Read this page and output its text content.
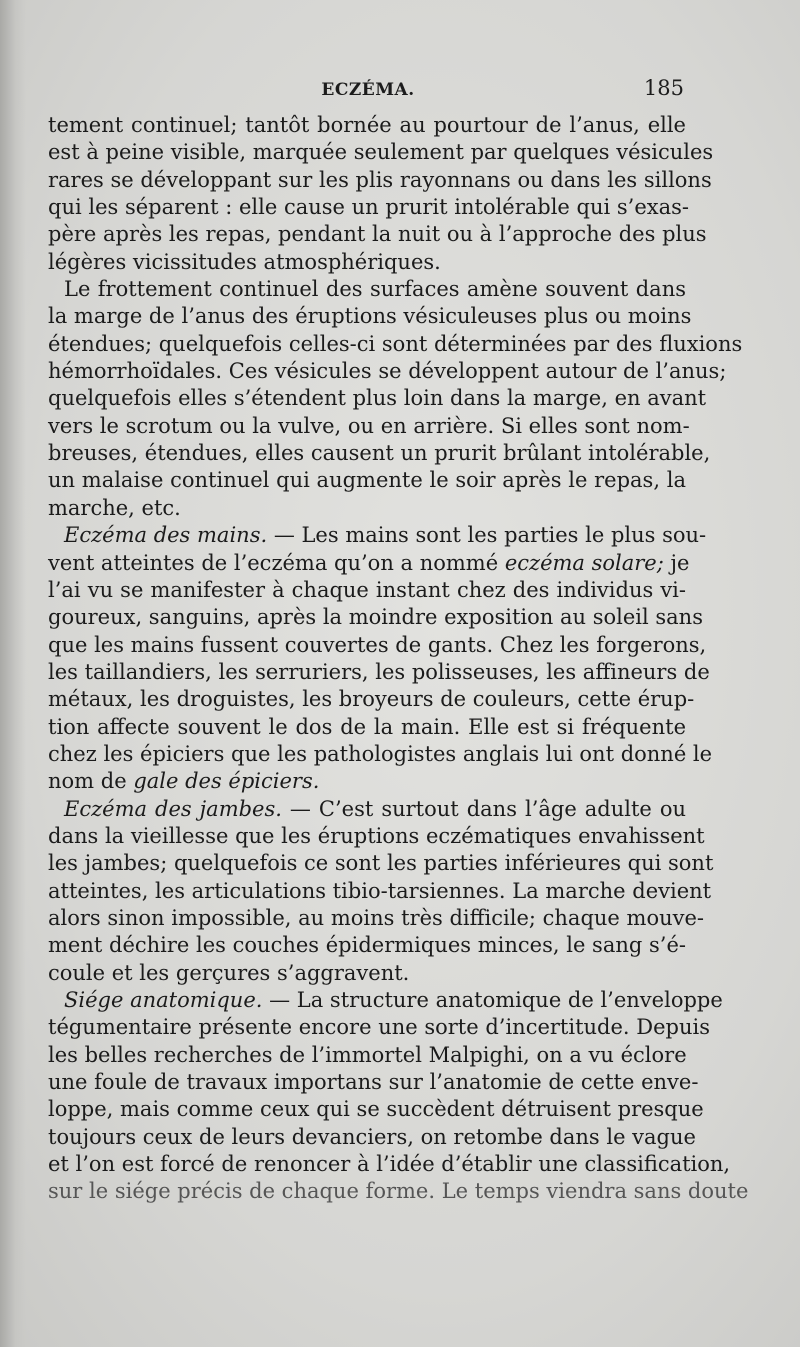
ECZÉMA.	185
tement continuel; tantôt bornée au pourtour de l’anus, elle
est à peine visible, marquée seulement par quelques vésicules
rares se développant sur les plis rayonnans ou dans les sillons
qui les séparent : elle cause un prurit intolérable qui s’exas-
père après les repas, pendant la nuit ou à l’approche des plus
légères vicissitudes atmosphériques.
Le frottement continuel des surfaces amène souvent dans
la marge de l’anus des éruptions vésiculeuses plus ou moins
étendues; quelquefois celles-ci sont déterminées par des fluxions
hémorrhoïdales. Ces vésicules se développent autour de l’anus;
quelquefois elles s’étendent plus loin dans la marge, en avant
vers le scrotum ou la vulve, ou en arrière. Si elles sont nom-
breuses, étendues, elles causent un prurit brûlant intolérable,
un malaise continuel qui augmente le soir après le repas, la
marche, etc.
Eczéma des mains. — Les mains sont les parties le plus sou-
vent atteintes de l’eczéma qu’on a nommé eczéma solare; je
l’ai vu se manifester à chaque instant chez des individus vi-
goureux, sanguins, après la moindre exposition au soleil sans
que les mains fussent couvertes de gants. Chez les forgerons,
les taillandiers, les serruriers, les polisseuses, les affineurs de
métaux, les droguistes, les broyeurs de couleurs, cette érup-
tion affecte souvent le dos de la main. Elle est si fréquente
chez les épiciers que les pathologistes anglais lui ont donné le
nom de gale des épiciers.
Eczéma des jambes. — C’est surtout dans l’âge adulte ou
dans la vieillesse que les éruptions eczématiques envahissent
les jambes; quelquefois ce sont les parties inférieures qui sont
atteintes, les articulations tibio-tarsiennes. La marche devient
alors sinon impossible, au moins très difficile; chaque mouve-
ment déchire les couches épidermiques minces, le sang s’é-
coule et les gerçures s’aggravent.
Siége anatomique. — La structure anatomique de l’enveloppe
tégumentaire présente encore une sorte d’incertitude. Depuis
les belles recherches de l’immortel Malpighi, on a vu éclore
une foule de travaux importans sur l’anatomie de cette enve-
loppe, mais comme ceux qui se succèdent détruisent presque
toujours ceux de leurs devanciers, on retombe dans le vague
et l’on est forcé de renoncer à l’idée d’établir une classification,
sur le siége précis de chaque forme. Le temps viendra sans doute
